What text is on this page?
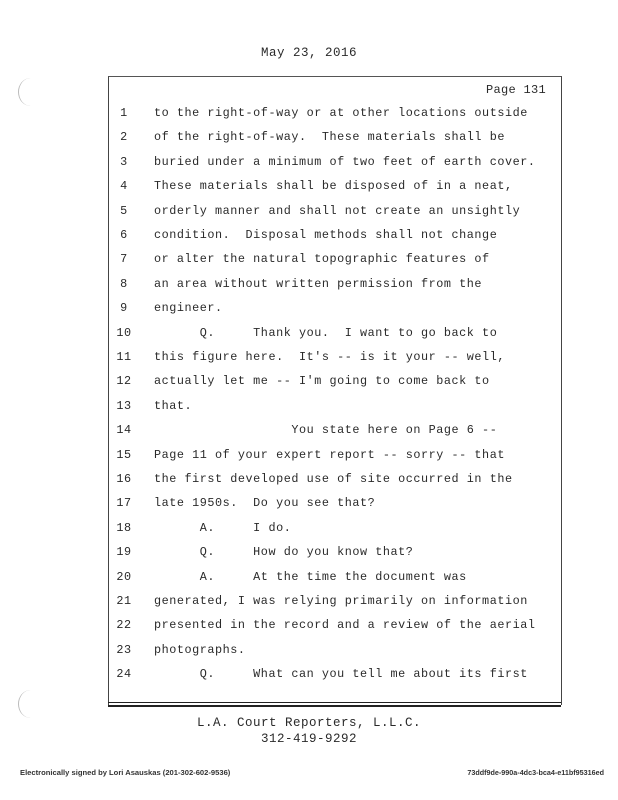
May 23, 2016
Page 131
1	to the right-of-way or at other locations outside
2	of the right-of-way.  These materials shall be
3	buried under a minimum of two feet of earth cover.
4	These materials shall be disposed of in a neat,
5	orderly manner and shall not create an unsightly
6	condition.  Disposal methods shall not change
7	or alter the natural topographic features of
8	an area without written permission from the
9	engineer.
10	Q.     Thank you.  I want to go back to
11	this figure here.  It's -- is it your -- well,
12	actually let me -- I'm going to come back to
13	that.
14	You state here on Page 6 --
15	Page 11 of your expert report -- sorry -- that
16	the first developed use of site occurred in the
17	late 1950s.  Do you see that?
18	A.     I do.
19	Q.     How do you know that?
20	A.     At the time the document was
21	generated, I was relying primarily on information
22	presented in the record and a review of the aerial
23	photographs.
24	Q.     What can you tell me about its first
L.A. Court Reporters, L.L.C.
312-419-9292
Electronically signed by Lori Asauskas (201-302-602-9536)	73ddf9de-990a-4dc3-bca4-e11bf95316ed
